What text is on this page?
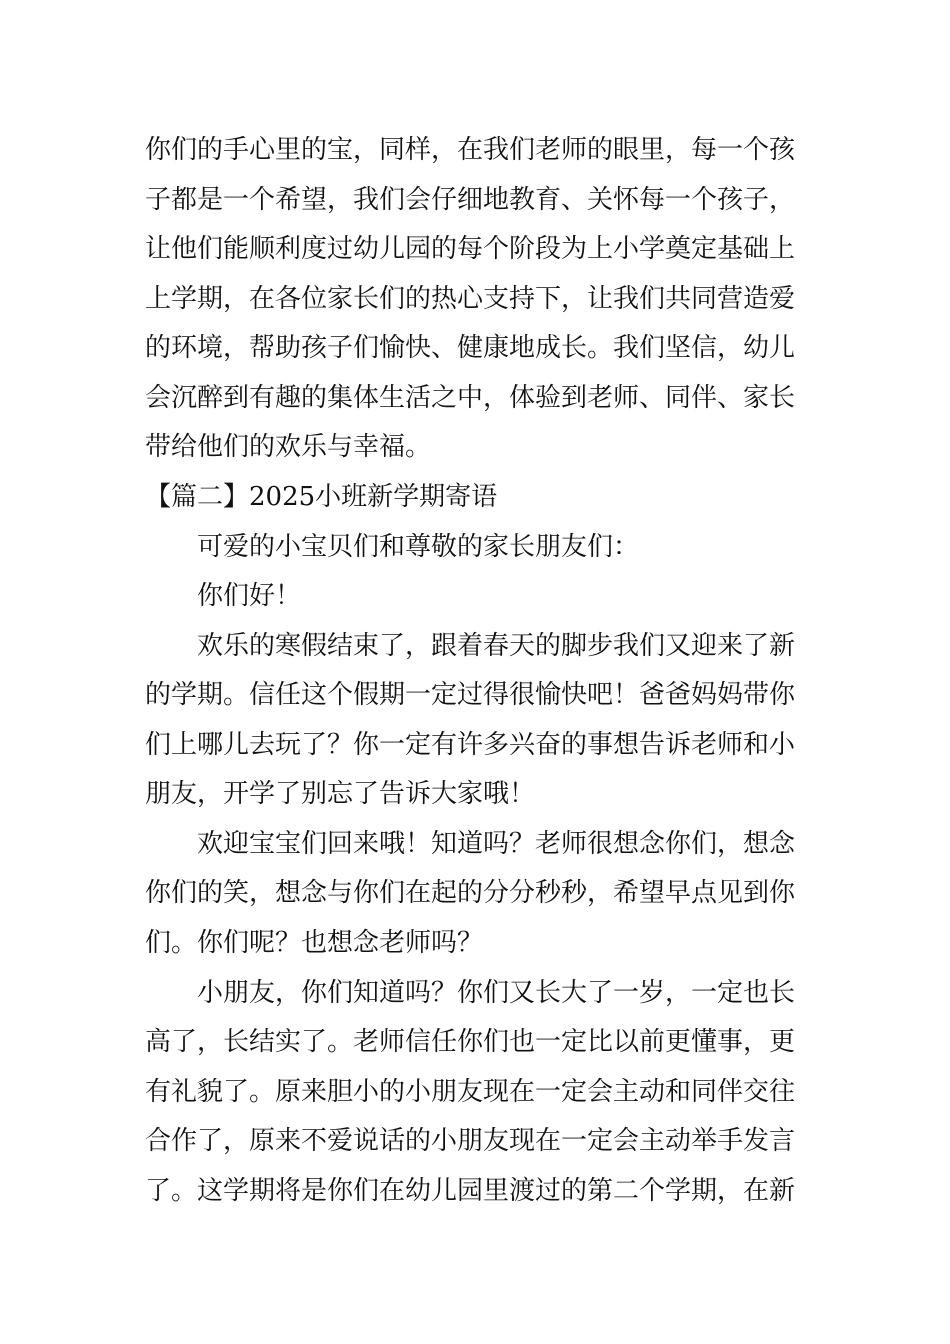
你们的手心里的宝，同样，在我们老师的眼里，每一个孩
子都是一个希望，我们会仔细地教育、关怀每一个孩子，
让他们能顺利度过幼儿园的每个阶段为上小学奠定基础上
上学期，在各位家长们的热心支持下，让我们共同营造爱
的环境，帮助孩子们愉快、健康地成长。我们坚信，幼儿
会沉醉到有趣的集体生活之中，体验到老师、同伴、家长
带给他们的欢乐与幸福。
【篇二】2025小班新学期寄语
可爱的小宝贝们和尊敬的家长朋友们：
你们好！
欢乐的寒假结束了，跟着春天的脚步我们又迎来了新
的学期。信任这个假期一定过得很愉快吧！爸爸妈妈带你
们上哪儿去玩了？你一定有许多兴奋的事想告诉老师和小
朋友，开学了别忘了告诉大家哦！
欢迎宝宝们回来哦！知道吗？老师很想念你们，想念
你们的笑，想念与你们在起的分分秒秒，希望早点见到你
们。你们呢？也想念老师吗？
小朋友，你们知道吗？你们又长大了一岁，一定也长
高了，长结实了。老师信任你们也一定比以前更懂事，更
有礼貌了。原来胆小的小朋友现在一定会主动和同伴交往
合作了，原来不爱说话的小朋友现在一定会主动举手发言
了。这学期将是你们在幼儿园里渡过的第二个学期，在新
